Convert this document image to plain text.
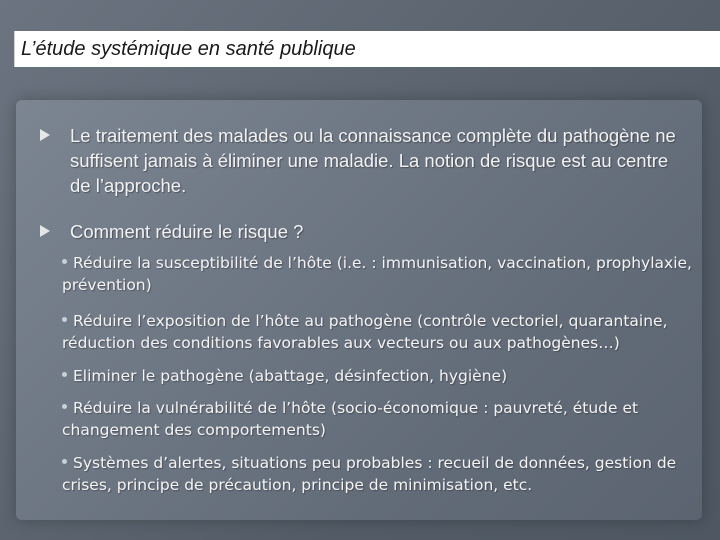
L’étude systémique en santé publique
Le traitement des malades ou la connaissance complète du pathogène ne suffisent jamais à éliminer une maladie. La notion de risque est au centre de l’approche.
Comment réduire le risque ?
Réduire la susceptibilité de l’hôte (i.e. : immunisation, vaccination, prophylaxie, prévention)
Réduire l’exposition de l’hôte au pathogène (contrôle vectoriel, quarantaine, réduction des conditions favorables aux vecteurs ou aux pathogènes…)
Eliminer le pathogène (abattage, désinfection, hygiène)
Réduire la vulnérabilité de l’hôte (socio-économique : pauvreté, étude et changement des comportements)
Systèmes d’alertes, situations peu probables : recueil de données, gestion de crises, principe de précaution, principe de minimisation, etc.
